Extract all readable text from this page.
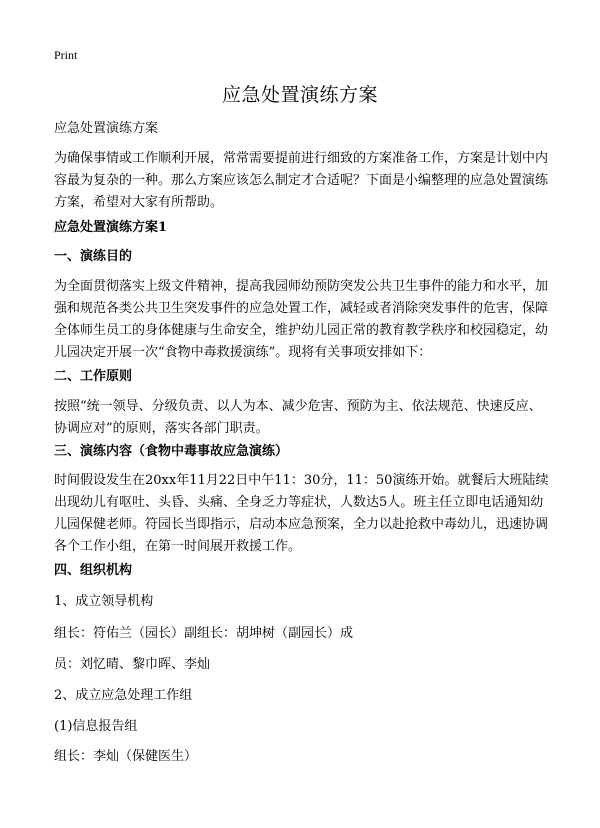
Print
应急处置演练方案

应急处置演练方案

为确保事情或工作顺利开展，常常需要提前进行细致的方案准备工作，方案是计划中内容最为复杂的一种。那么方案应该怎么制定才合适呢？下面是小编整理的应急处置演练方案，希望对大家有所帮助。

应急处置演练方案1

一、演练目的

为全面贯彻落实上级文件精神，提高我园师幼预防突发公共卫生事件的能力和水平，加强和规范各类公共卫生突发事件的应急处置工作，减轻或者消除突发事件的危害，保障全体师生员工的身体健康与生命安全，维护幼儿园正常的教育教学秩序和校园稳定，幼儿园决定开展一次“食物中毒救援演练”。现将有关事项安排如下：

二、工作原则

按照“统一领导、分级负责、以人为本、减少危害、预防为主、依法规范、快速反应、协调应对”的原则，落实各部门职责。

三、演练内容（食物中毒事故应急演练）

时间假设发生在20xx年11月22日中午11：30分，11：50演练开始。就餐后大班陆续出现幼儿有呕吐、头昏、头痛、全身乏力等症状，人数达5人。班主任立即电话通知幼儿园保健老师。符园长当即指示，启动本应急预案，全力以赴抢救中毒幼儿，迅速协调各个工作小组，在第一时间展开救援工作。

四、组织机构

1、成立领导机构

组长：符佑兰（园长）副组长：胡坤树（副园长）成

员：刘忆晴、黎巾晖、李灿

2、成立应急处理工作组

(1)信息报告组

组长：李灿（保健医生）
